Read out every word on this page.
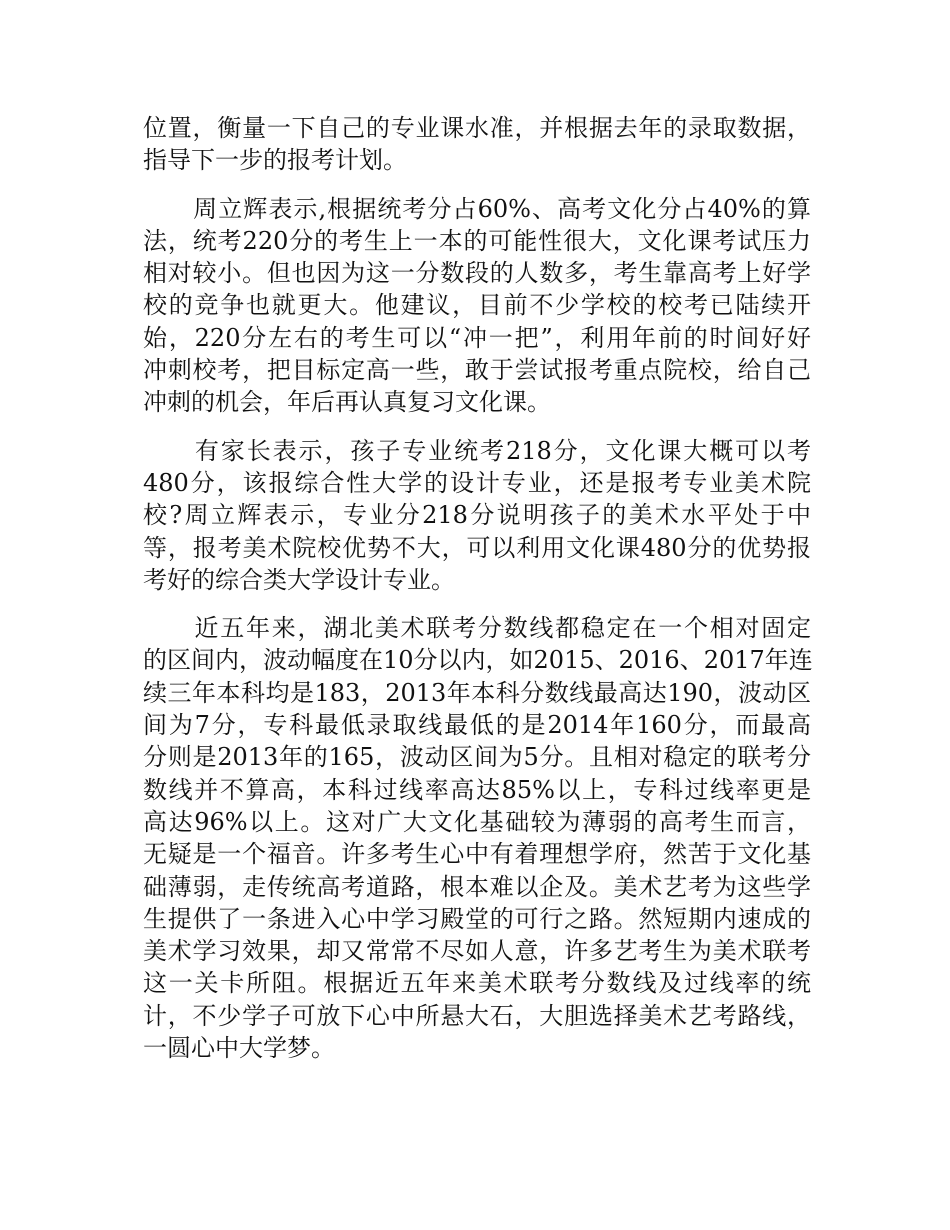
位置，衡量一下自己的专业课水准，并根据去年的录取数据，
指导下一步的报考计划。
　　周立辉表示,根据统考分占60%、高考文化分占40%的算
法，统考220分的考生上一本的可能性很大，文化课考试压力
相对较小。但也因为这一分数段的人数多，考生靠高考上好学
校的竞争也就更大。他建议，目前不少学校的校考已陆续开
始，220分左右的考生可以“冲一把”，利用年前的时间好好
冲刺校考，把目标定高一些，敢于尝试报考重点院校，给自己
冲刺的机会，年后再认真复习文化课。
　　有家长表示，孩子专业统考218分，文化课大概可以考
480分，该报综合性大学的设计专业，还是报考专业美术院
校?周立辉表示，专业分218分说明孩子的美术水平处于中
等，报考美术院校优势不大，可以利用文化课480分的优势报
考好的综合类大学设计专业。
　　近五年来，湖北美术联考分数线都稳定在一个相对固定
的区间内，波动幅度在10分以内，如2015、2016、2017年连
续三年本科均是183，2013年本科分数线最高达190，波动区
间为7分，专科最低录取线最低的是2014年160分，而最高
分则是2013年的165，波动区间为5分。且相对稳定的联考分
数线并不算高，本科过线率高达85%以上，专科过线率更是
高达96%以上。这对广大文化基础较为薄弱的高考生而言，
无疑是一个福音。许多考生心中有着理想学府，然苦于文化基
础薄弱，走传统高考道路，根本难以企及。美术艺考为这些学
生提供了一条进入心中学习殿堂的可行之路。然短期内速成的
美术学习效果，却又常常不尽如人意，许多艺考生为美术联考
这一关卡所阻。根据近五年来美术联考分数线及过线率的统
计，不少学子可放下心中所悬大石，大胆选择美术艺考路线，
一圆心中大学梦。
